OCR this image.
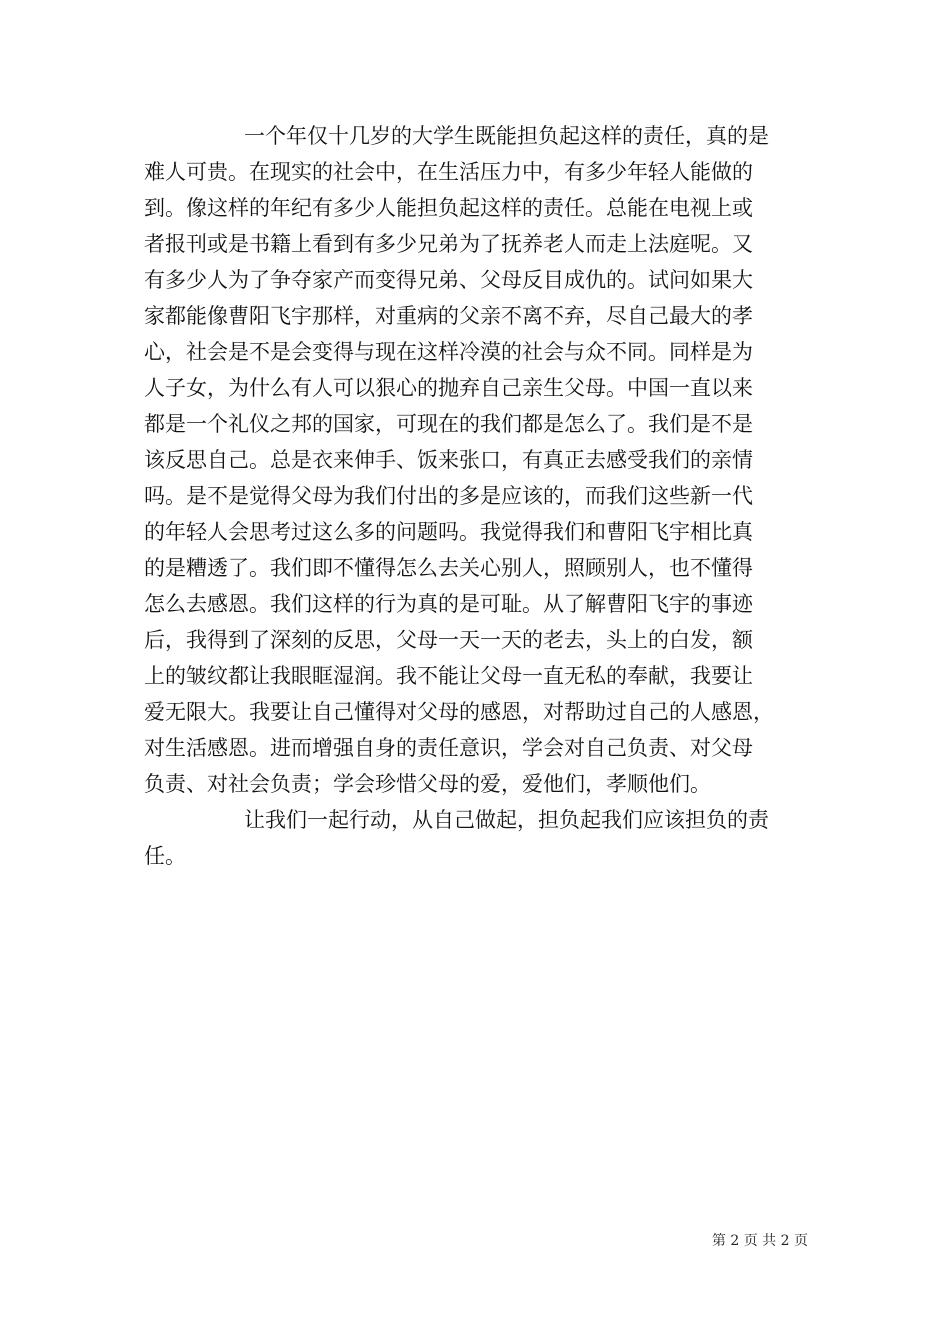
一个年仅十几岁的大学生既能担负起这样的责任，真的是
难人可贵。在现实的社会中，在生活压力中，有多少年轻人能做的
到。像这样的年纪有多少人能担负起这样的责任。总能在电视上或
者报刊或是书籍上看到有多少兄弟为了抚养老人而走上法庭呢。又
有多少人为了争夺家产而变得兄弟、父母反目成仇的。试问如果大
家都能像曹阳飞宇那样，对重病的父亲不离不弃，尽自己最大的孝
心，社会是不是会变得与现在这样冷漠的社会与众不同。同样是为
人子女，为什么有人可以狠心的抛弃自己亲生父母。中国一直以来
都是一个礼仪之邦的国家，可现在的我们都是怎么了。我们是不是
该反思自己。总是衣来伸手、饭来张口，有真正去感受我们的亲情
吗。是不是觉得父母为我们付出的多是应该的，而我们这些新一代
的年轻人会思考过这么多的问题吗。我觉得我们和曹阳飞宇相比真
的是糟透了。我们即不懂得怎么去关心别人，照顾别人，也不懂得
怎么去感恩。我们这样的行为真的是可耻。从了解曹阳飞宇的事迹
后，我得到了深刻的反思，父母一天一天的老去，头上的白发，额
上的皱纹都让我眼眶湿润。我不能让父母一直无私的奉献，我要让
爱无限大。我要让自己懂得对父母的感恩，对帮助过自己的人感恩，
对生活感恩。进而增强自身的责任意识，学会对自己负责、对父母
负责、对社会负责；学会珍惜父母的爱，爱他们，孝顺他们。
让我们一起行动，从自己做起，担负起我们应该担负的责
任。
第 2 页 共 2 页
